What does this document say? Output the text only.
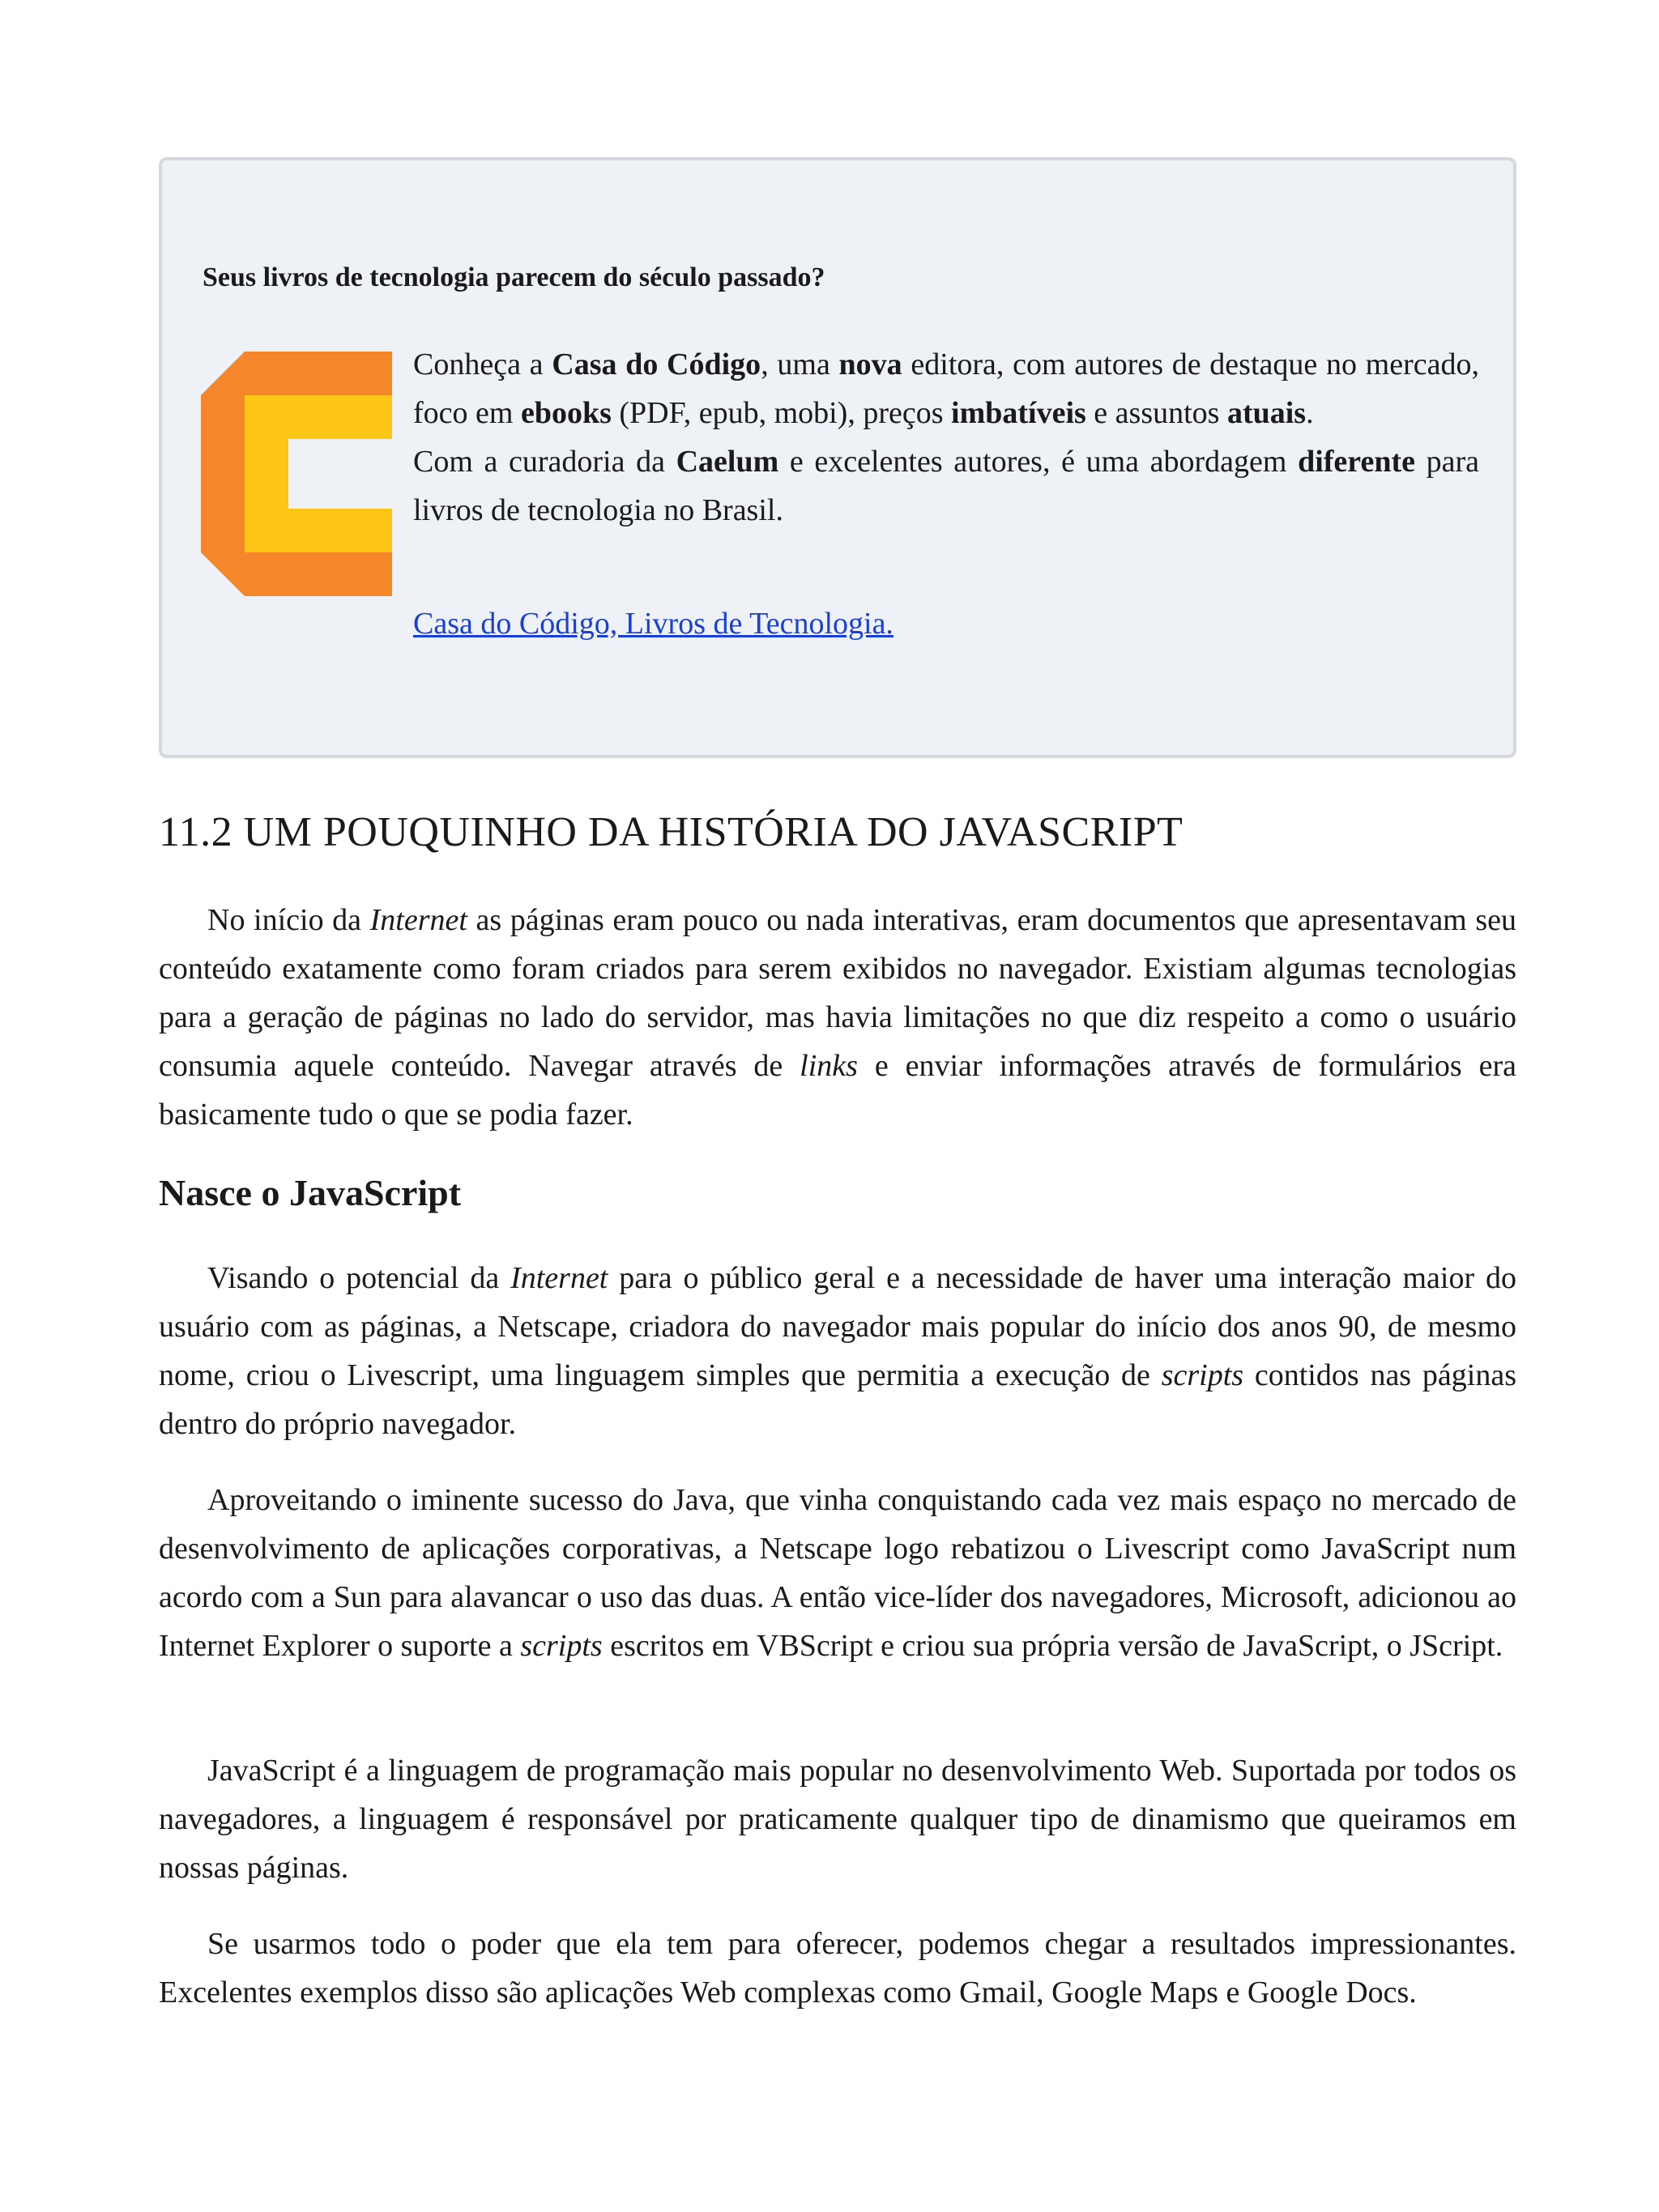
Seus livros de tecnologia parecem do século passado?

Conheça a Casa do Código, uma nova editora, com autores de destaque no mercado, foco em ebooks (PDF, epub, mobi), preços imbatíveis e assuntos atuais.

Com a curadoria da Caelum e excelentes autores, é uma abordagem diferente para livros de tecnologia no Brasil.

Casa do Código, Livros de Tecnologia.
11.2 UM POUQUINHO DA HISTÓRIA DO JAVASCRIPT

No início da Internet as páginas eram pouco ou nada interativas, eram documentos que apresentavam seu conteúdo exatamente como foram criados para serem exibidos no navegador. Existiam algumas tecnologias para a geração de páginas no lado do servidor, mas havia limitações no que diz respeito a como o usuário consumia aquele conteúdo. Navegar através de links e enviar informações através de formulários era basicamente tudo o que se podia fazer.

Nasce o JavaScript

Visando o potencial da Internet para o público geral e a necessidade de haver uma interação maior do usuário com as páginas, a Netscape, criadora do navegador mais popular do início dos anos 90, de mesmo nome, criou o Livescript, uma linguagem simples que permitia a execução de scripts contidos nas páginas dentro do próprio navegador.

Aproveitando o iminente sucesso do Java, que vinha conquistando cada vez mais espaço no mercado de desenvolvimento de aplicações corporativas, a Netscape logo rebatizou o Livescript como JavaScript num acordo com a Sun para alavancar o uso das duas. A então vice-líder dos navegadores, Microsoft, adicionou ao Internet Explorer o suporte a scripts escritos em VBScript e criou sua própria versão de JavaScript, o JScript.

JavaScript é a linguagem de programação mais popular no desenvolvimento Web. Suportada por todos os navegadores, a linguagem é responsável por praticamente qualquer tipo de dinamismo que queiramos em nossas páginas.

Se usarmos todo o poder que ela tem para oferecer, podemos chegar a resultados impressionantes. Excelentes exemplos disso são aplicações Web complexas como Gmail, Google Maps e Google Docs.
